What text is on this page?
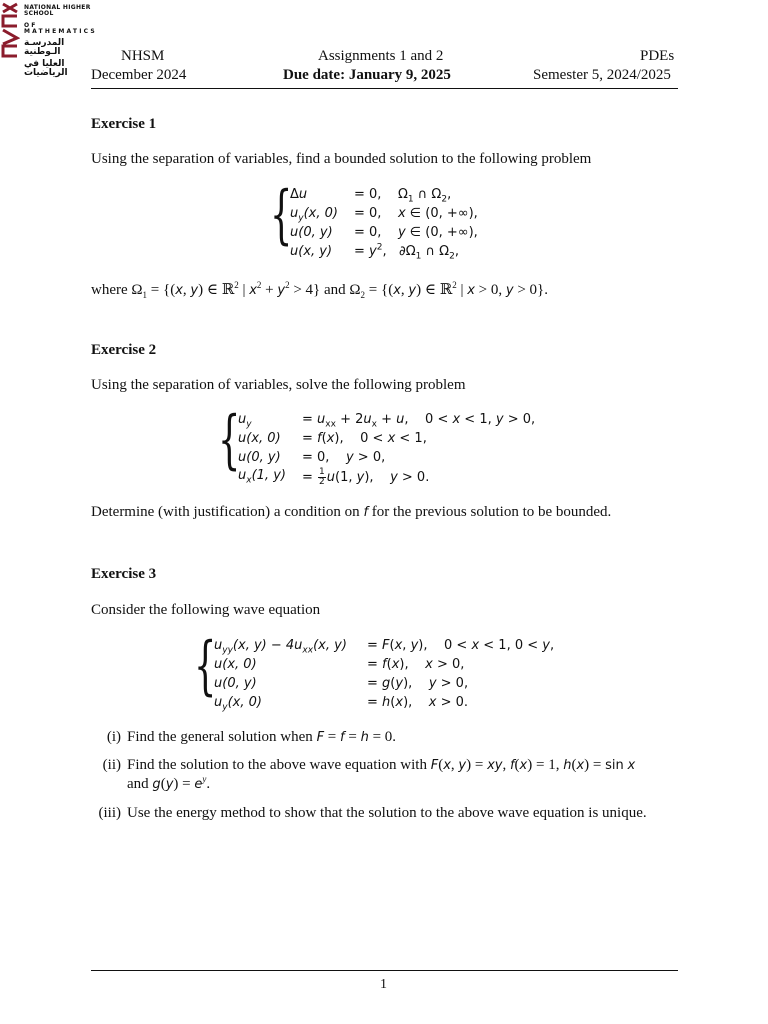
NATIONAL HIGHER SCHOOL
OF MATHEMATICS
المدرسـة الـوطنية
العليا في الرياضيات
NHSM
December 2024
Assignments 1 and 2
Due date: January 9, 2025
PDEs
Semester 5, 2024/2025
Exercise 1
Using the separation of variables, find a bounded solution to the following problem
{
Δu	= 0,    $\Omega_1$ ∩ $\Omega_2$,
$u_y(x$, 0) = 0,    x ∈ (0, +∞),
u(0, y) = 0,    y ∈ (0, +∞),
u(x, $y) = y^2$,   $\partial\Omega_1$ ∩ $\Omega_2$,
where $\Omega_1 = \{(x$, y) ∈ ℝ$^2$ | $x^2 + y^2 > 4$} and $\Omega_2 = \{(x$, y) ∈ ℝ$^2$ | x > 0, y > 0}.
Exercise 2
Using the separation of variables, solve the following problem
{
$u_y$	= $u_{xx} + 2u_x + u$,    0 < x < 1, y > 0,
u(x, 0) = f(x),    0 < x < 1,
u(0, y) = 0,    y > 0,
$u_x(1$, $y) = \frac{1}{2} u(1$, y),    y > 0.
Determine (with justification) a condition on f for the previous solution to be bounded.
Exercise 3
Consider the following wave equation
{
$u_{yy}(x$, $y) - 4u_{xx}(x$, y) = F(x, y),    0 < x < 1, 0 < y,
u(x, 0)	= f(x),    x > 0,
u(0, y)	= g(y),    y > 0,
$u_y(x$, 0)	= h(x),    x > 0.
(i) Find the general solution when F = f = h = 0.
(ii) Find the solution to the above wave equation with F(x, y) = xy, f(x) = 1, h(x) = sin x
and $g(y) = e^y$.
(iii) Use the energy method to show that the solution to the above wave equation is unique.
1
